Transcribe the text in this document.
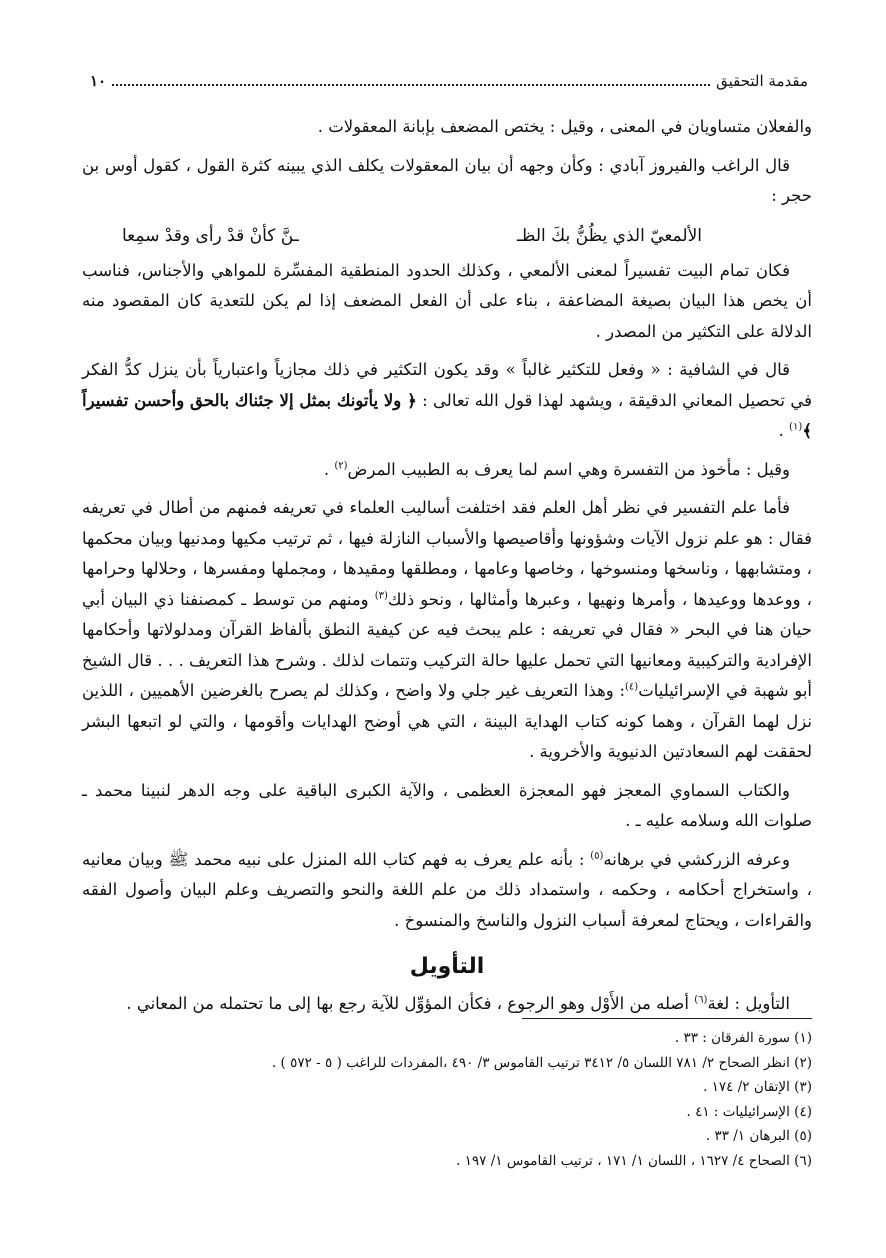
مقدمة التحقيق
١٠

والفعلان متساويان في المعنى ، وقيل : يختص المضعف بإبانة المعقولات .

قال الراغب والفيروز آبادي : وكأن وجهه أن بيان المعقولات يكلف الذي يبينه كثرة القول ، كقول أوس بن حجر :

الألمعيّ الذي يظُنُّ بكَ الظـ
ـنَّ كأنْ قدْ رأى وقدْ سمِعا

فكان تمام البيت تفسيراً لمعنى الألمعي ، وكذلك الحدود المنطقية المفسِّرة للمواهي والأجناس، فناسب أن يخص هذا البيان بصيغة المضاعفة ، بناء على أن الفعل المضعف إذا لم يكن للتعدية كان المقصود منه الدلالة على التكثير من المصدر .

قال في الشافية : « وفعل للتكثير غالباً » وقد يكون التكثير في ذلك مجازياً واعتبارياً بأن ينزل كدُّ الفكر في تحصيل المعاني الدقيقة ، ويشهد لهذا قول الله تعالى : ﴿ ولا يأتونك بمثل إلا جئناك بالحق وأحسن تفسيراً ﴾$^{(١)}$ .

وقيل : مأخوذ من التفسرة وهي اسم لما يعرف به الطبيب المرض$^{(٢)}$ .

فأما علم التفسير في نظر أهل العلم فقد اختلفت أساليب العلماء في تعريفه فمنهم من أطال في تعريفه فقال : هو علم نزول الآيات وشؤونها وأقاصيصها والأسباب النازلة فيها ، ثم ترتيب مكيها ومدنيها وبيان محكمها ، ومتشابهها ، وناسخها ومنسوخها ، وخاصها وعامها ، ومطلقها ومقيدها ، ومجملها ومفسرها ، وحلالها وحرامها ، ووعدها ووعيدها ، وأمرها ونهيها ، وعبرها وأمثالها ، ونحو ذلك$^{(٣)}$ ومنهم من توسط ـ كمصنفنا ذي البيان أبي حيان هنا في البحر « فقال في تعريفه : علم يبحث فيه عن كيفية النطق بألفاظ القرآن ومدلولاتها وأحكامها الإفرادية والتركيبية ومعانيها التي تحمل عليها حالة التركيب وتتمات لذلك . وشرح هذا التعريف . . . قال الشيخ أبو شهبة في الإسرائيليات$^{(٤)}$: وهذا التعريف غير جلي ولا واضح ، وكذلك لم يصرح بالغرضين الأهميين ، اللذين نزل لهما القرآن ، وهما كونه كتاب الهداية البينة ، التي هي أوضح الهدايات وأقومها ، والتي لو اتبعها البشر لحققت لهم السعادتين الدنيوية والأخروية .

والكتاب السماوي المعجز فهو المعجزة العظمى ، والآية الكبرى الباقية على وجه الدهر لنبينا محمد ـ صلوات الله وسلامه عليه ـ .

وعرفه الزركشي في برهانه$^{(٥)}$ : بأنه علم يعرف به فهم كتاب الله المنزل على نبيه محمد ﷺ وبيان معانيه ، واستخراج أحكامه ، وحكمه ، واستمداد ذلك من علم اللغة والنحو والتصريف وعلم البيان وأصول الفقه والقراءات ، ويحتاج لمعرفة أسباب النزول والناسخ والمنسوخ .

التأويل

التأويل : لغة$^{(٦)}$ أصله من الأَوْل وهو الرجوع ، فكأن المؤوِّل للآية رجع بها إلى ما تحتمله من المعاني .

(١) سورة الفرقان : ٣٣ .
(٢) انظر الصحاح ٢/ ٧٨١ اللسان ٥/ ٣٤١٢ ترتيب القاموس ٣/ ٤٩٠ ،المفردات للراغب ( ٥ - ٥٧٢ ) .
(٣) الإتقان ٢/ ١٧٤ .
(٤) الإسرائيليات : ٤١ .
(٥) البرهان ١/ ٣٣ .
(٦) الصحاح ٤/ ١٦٢٧ ، اللسان ١/ ١٧١ ، ترتيب القاموس ١/ ١٩٧ .
